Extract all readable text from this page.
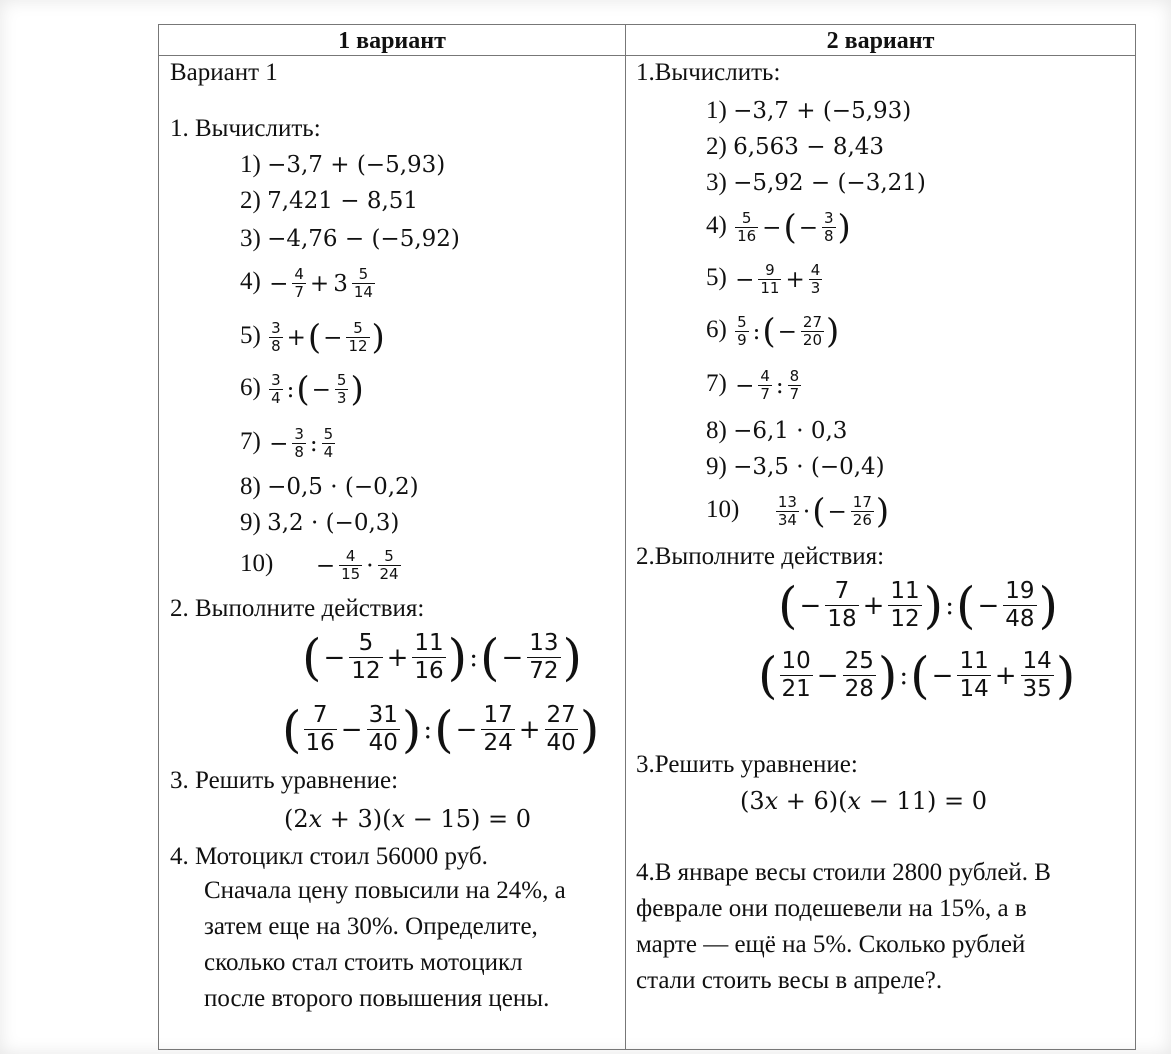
1 вариант	2 вариант
Вариант 1
1. Вычислить:
1) −3,7 + (−5,93)
2) 7,421 − 8,51
3) −4,76 − (−5,92)
$4) - \frac{4}{7} + 3 \frac{5}{14}$
$5) \frac{3}{8}$ +(− $\frac{5}{12}$ )
$6) \frac{3}{4}$ :(− $\frac{5}{3}$ )
$7) - \frac{3}{8}$ : $\frac{5}{4}$
8) −0,5 · (−0,2)
9) 3,2 · (−0,3)
$10) - \frac{4}{15} \cdot \frac{5}{24}$
2. Выполните действия:
(− $\frac{5}{12} + \frac{11}{16}$ ):(− $\frac{13}{72}$ )
( $\frac{7}{16} - \frac{31}{40}$ ):(− $\frac{17}{24} + \frac{27}{40}$ )
3. Решить уравнение:
(2𝑥 + 3)(𝑥 − 15) = 0
4. Мотоцикл стоил 56000 руб.
Сначала цену повысили на 24%, а
затем еще на 30%. Определите,
сколько стал стоить мотоцикл
после второго повышения цены.
1.Вычислить:
1) −3,7 + (−5,93)
2) 6,563 − 8,43
3) −5,92 − (−3,21)
$4) \frac{5}{16}$ −(− $\frac{3}{8}$ )
$5) - \frac{9}{11} + \frac{4}{3}$
$6) \frac{5}{9}$ :(− $\frac{27}{20}$ )
$7) - \frac{4}{7}$ : $\frac{8}{7}$
8) −6,1 · 0,3
9) −3,5 · (−0,4)
$10) \frac{13}{34}$ ·(− $\frac{17}{26}$ )
2.Выполните действия:
(− $\frac{7}{18} + \frac{11}{12}$ ):(− $\frac{19}{48}$ )
( $\frac{10}{21} - \frac{25}{28}$ ):(− $\frac{11}{14} + \frac{14}{35}$ )
3.Решить уравнение:
(3𝑥 + 6)(𝑥 − 11) = 0
4.В январе весы стоили 2800 рублей. В
феврале они подешевели на 15%, а в
марте — ещё на 5%. Сколько рублей
стали стоить весы в апреле?.
